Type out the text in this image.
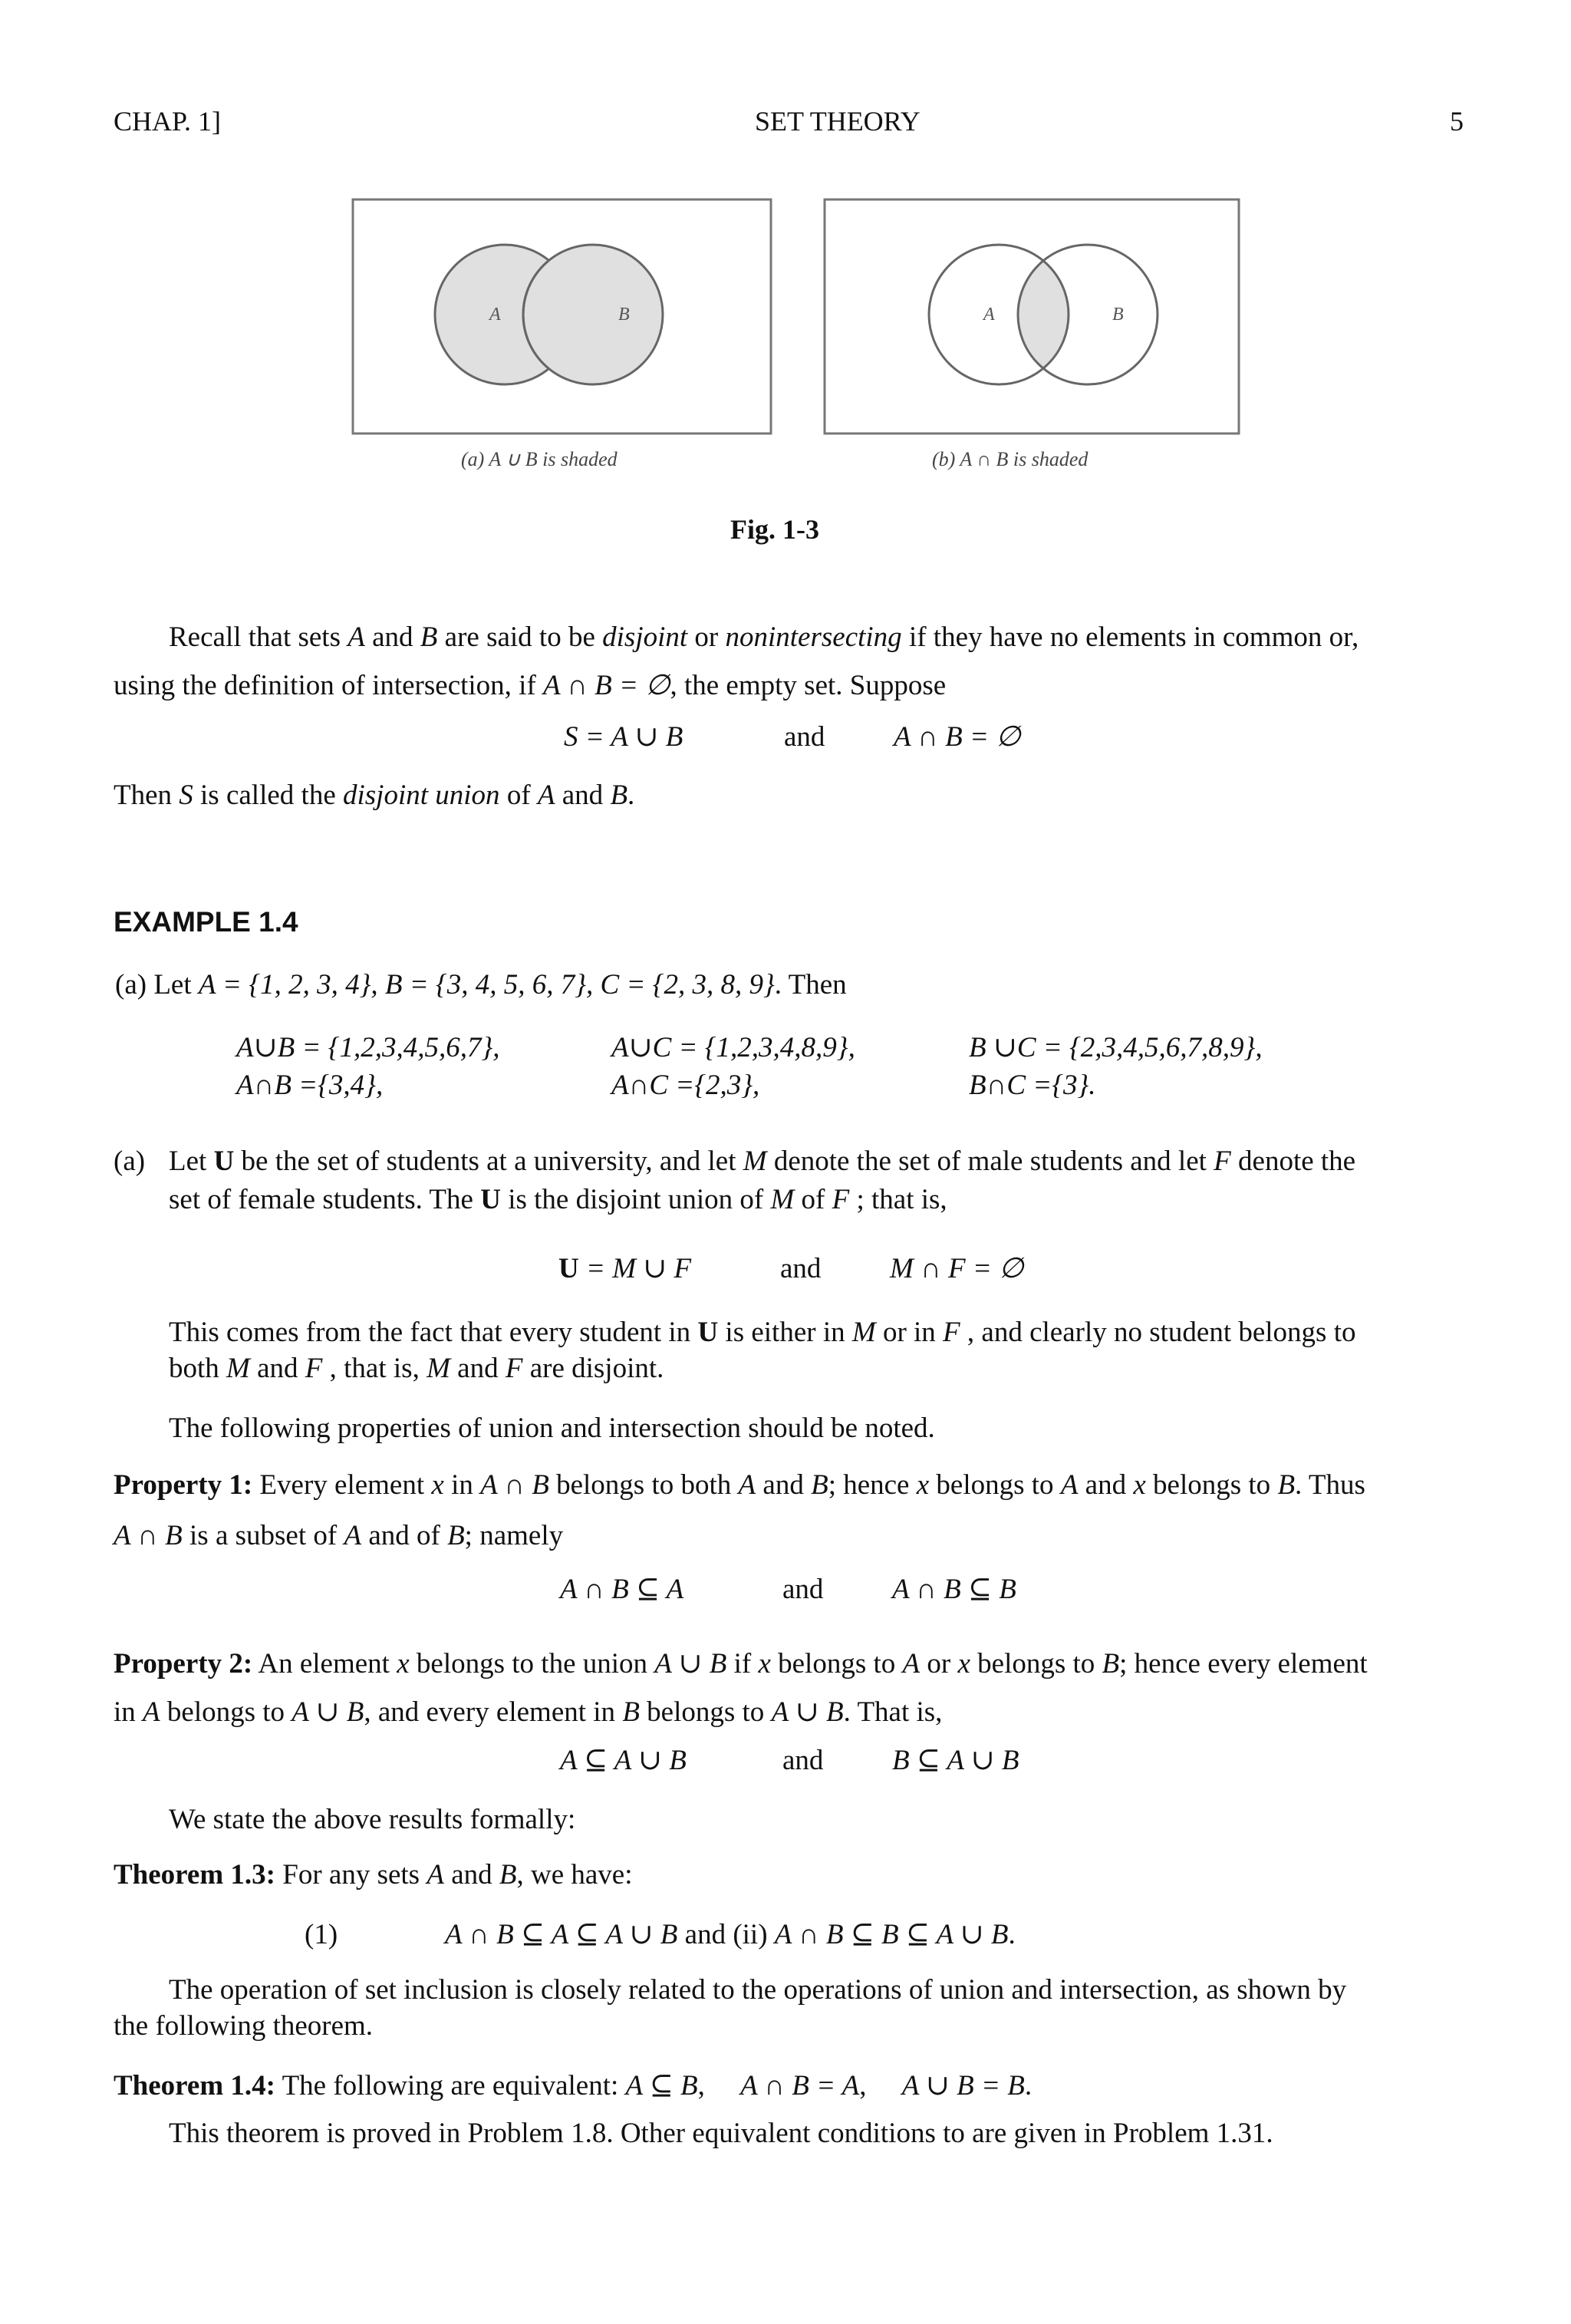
CHAP. 1]	SET THEORY	5
A	B
(a) A ∪ B is shaded
A	B
(b) A ∩ B is shaded
Fig. 1-3
Recall that sets A and B are said to be disjoint or nonintersecting if they have no elements in common or,
using the definition of intersection, if A ∩ B = ∅, the empty set. Suppose
S = A ∪ B	and A ∩ B = ∅
Then S is called the disjoint union of A and B.
EXAMPLE 1.4
(a) Let A = {1, 2, 3, 4}, B = {3, 4, 5, 6, 7}, C = {2, 3, 8, 9}. Then
A∪B = {1,2,3,4,5,6,7},	A∪C = {1,2,3,4,8,9},	B ∪C = {2,3,4,5,6,7,8,9},
A∩B ={3,4},	A∩C ={2,3},	B∩C ={3}.
(a) Let U be the set of students at a university, and let M denote the set of male students and let F denote the
set of female students. The U is the disjoint union of M of F ; that is,
U = M ∪ F	and M ∩ F = ∅
This comes from the fact that every student in U is either in M or in F , and clearly no student belongs to
both M and F , that is, M and F are disjoint.
The following properties of union and intersection should be noted.
Property 1: Every element x in A ∩ B belongs to both A and B; hence x belongs to A and x belongs to B. Thus
A ∩ B is a subset of A and of B; namely
A ∩ B ⊆ A	and A ∩ B ⊆ B
Property 2: An element x belongs to the union A ∪ B if x belongs to A or x belongs to B; hence every element
in A belongs to A ∪ B, and every element in B belongs to A ∪ B. That is,
A ⊆ A ∪ B	and B ⊆ A ∪ B
We state the above results formally:
Theorem 1.3: For any sets A and B, we have:
(1)	A ∩ B ⊆ A ⊆ A ∪ B and (ii) A ∩ B ⊆ B ⊆ A ∪ B.
The operation of set inclusion is closely related to the operations of union and intersection, as shown by
the following theorem.
Theorem 1.4: The following are equivalent: A ⊆ B,     A ∩ B = A,     A ∪ B = B.
This theorem is proved in Problem 1.8. Other equivalent conditions to are given in Problem 1.31.
